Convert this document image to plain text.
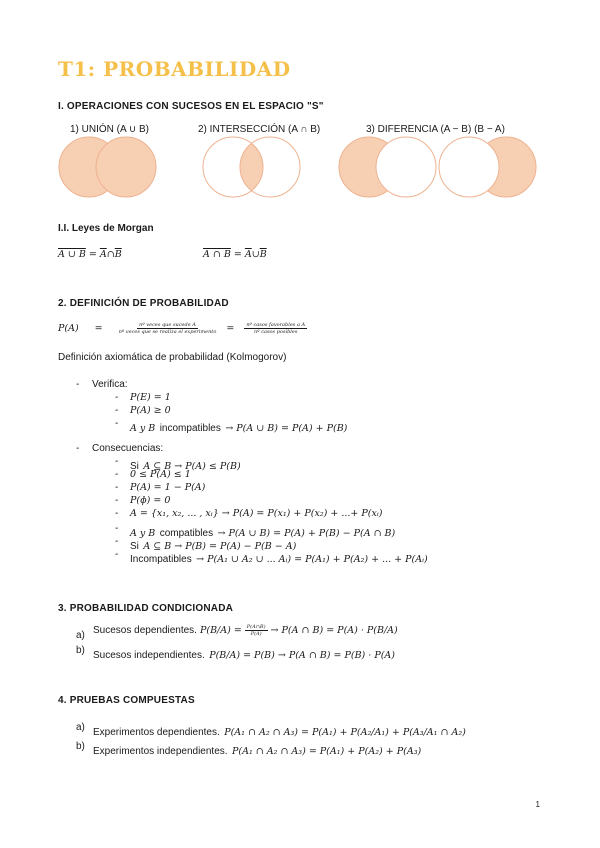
T1: PROBABILIDAD
I. OPERACIONES CON SUCESOS EN EL ESPACIO "S"
1) UNIÓN (A ∪ B)	2) INTERSECCIÓN (A ∩ B)	3) DIFERENCIA (A − B) (B − A)
I.I. Leyes de Morgan
A ∪ $B = \overline{A}\cap\overline{B}$	A ∩ $B = \overline{A}\cup\overline{B}$
2. DEFINICIÓN DE PROBABILIDAD
P(A) =	$\frac{\text{nº veces que sucede A}}{\text{nº veces que se realiza el experimento}} = \frac{\text{nº casos favorables a A}}{\text{nº casos posibles}}$
Definición axiomática de probabilidad (Kolmogorov)
- Verifica:
- P(E) = 1
- P(A) ≥ 0
- A y B incompatibles → P(A ∪ B) = P(A) + P(B)
- Consecuencias:
- Si A ⊆ B → P(A) ≤ P(B)
- 0 ≤ P(A) ≤ 1
- P(A) = 1 − P(A)
- P(ɸ) = 0
- A = {x₁, x₂, ... , xᵢ} → P(A) = P(x₁) + P(x₂) + ...+ P(xᵢ)
- A y B compatibles → P(A ∪ B) = P(A) + P(B) − P(A ∩ B)
- Si A ⊆ B → P(B) = P(A) − P(B − A)
- Incompatibles → P(A₁ ∪ A₂ ∪ ... Aᵢ) = P(A₁) + P(A₂) + ... + P(Aᵢ)
3. PROBABILIDAD CONDICIONADA
a) Sucesos dependientes. $P(B/A) = \frac{P(A\cap B)}{P(A)} \to P(A$ ∩ B) = P(A) · P(B/A)
b) Sucesos independientes. P(B/A) = P(B) → P(A ∩ B) = P(B) · P(A)
4. PRUEBAS COMPUESTAS
a) Experimentos dependientes. P(A₁ ∩ A₂ ∩ A₃) = P(A₁) + P(A₂/A₁) + P(A₃/A₁ ∩ A₂)
b) Experimentos independientes. P(A₁ ∩ A₂ ∩ A₃) = P(A₁) + P(A₂) + P(A₃)
1
